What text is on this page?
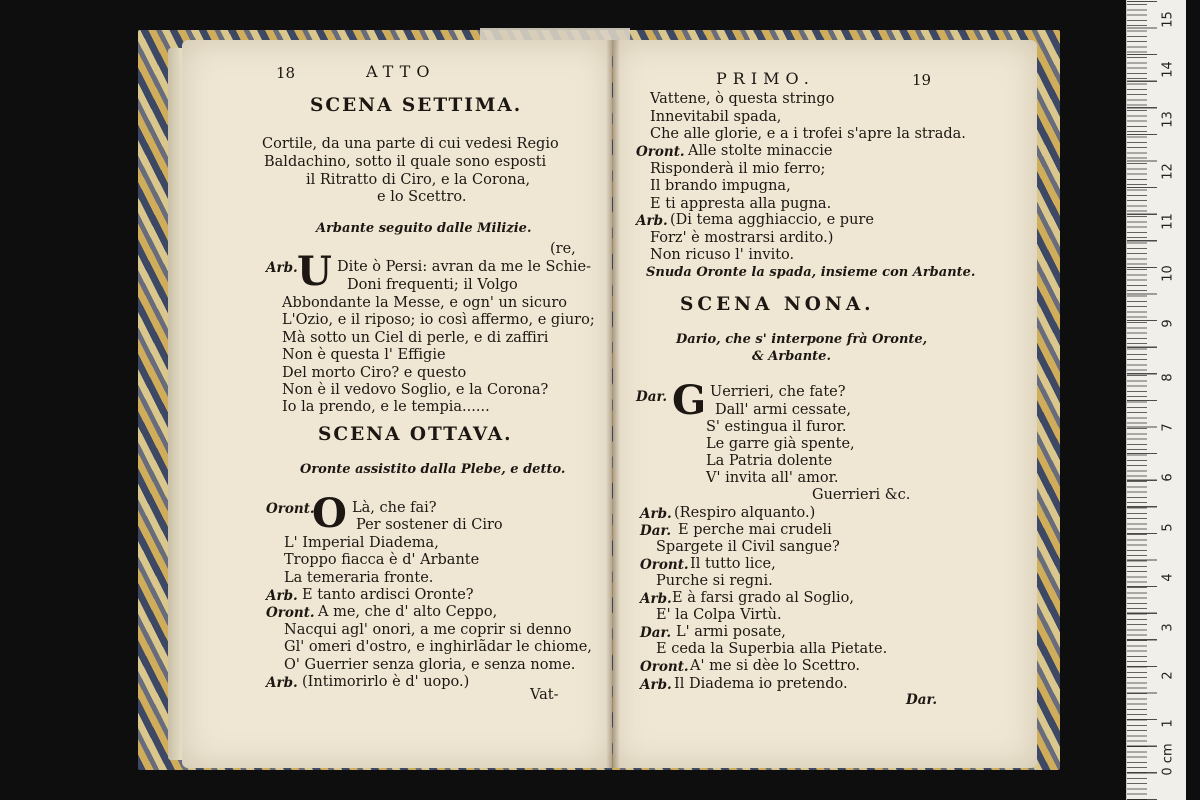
18	ATTO
SCENA SETTIMA.
Cortile, da una parte di cui vedesi Regio
Baldachino, sotto il quale sono esposti
il Ritratto di Ciro, e la Corona,
e lo Scettro.
Arbante seguito dalle Milizie.
(re,
Arb. U Dite ò Persi: avran da me le Schie-
Doni frequenti; il Volgo
Abbondante la Messe, e ogn' un sicuro
L'Ozio, e il riposo; io così affermo, e giuro;
Mà sotto un Ciel di perle, e di zaffiri
Non è questa l' Effigie
Del morto Ciro? e questo
Non è il vedovo Soglio, e la Corona?
Io la prendo, e le tempia......
SCENA OTTAVA.
Oronte assistito dalla Plebe, e detto.
O
Oront.	Là, che fai?
Per sostener di Ciro
L' Imperial Diadema,
Troppo fiacca è d' Arbante
La temeraria fronte.
Arb. E tanto ardisci Oronte?
Oront. A me, che d' alto Ceppo,
Nacqui agl' onori, a me coprir si denno
Gl' omeri d'ostro, e inghirlãdar le chiome,
O' Guerrier senza gloria, e senza nome.
Arb. (Intimorirlo è d' uopo.)
Vat-
PRIMO.	19
Vattene, ò questa stringo
Innevitabil spada,
Che alle glorie, e a i trofei s'apre la strada.
Oront. Alle stolte minaccie
Risponderà il mio ferro;
Il brando impugna,
E ti appresta alla pugna.
Arb. (Di tema agghiaccio, e pure
Forz' è mostrarsi ardito.)
Non ricuso l' invito.
Snuda Oronte la spada, insieme con Arbante.
SCENA NONA.
Dario, che s' interpone frà Oronte,
& Arbante.
Dar. G Uerrieri, che fate?
Dall' armi cessate,
S' estingua il furor.
Le garre già spente,
La Patria dolente
V' invita all' amor.
Guerrieri &c.
Arb. (Respiro alquanto.)
Dar. E perche mai crudeli
Spargete il Civil sangue?
Oront. Il tutto lice,
Purche si regni.
Arb. E à farsi grado al Soglio,
E' la Colpa Virtù.
Dar. L' armi posate,
E ceda la Superbia alla Pietate.
Oront. A' me si dèe lo Scettro.
Arb. Il Diadema io pretendo.
Dar.
0 cm
1
2
3
4
5
6
7
8
9
10
11
12
13
14
15
